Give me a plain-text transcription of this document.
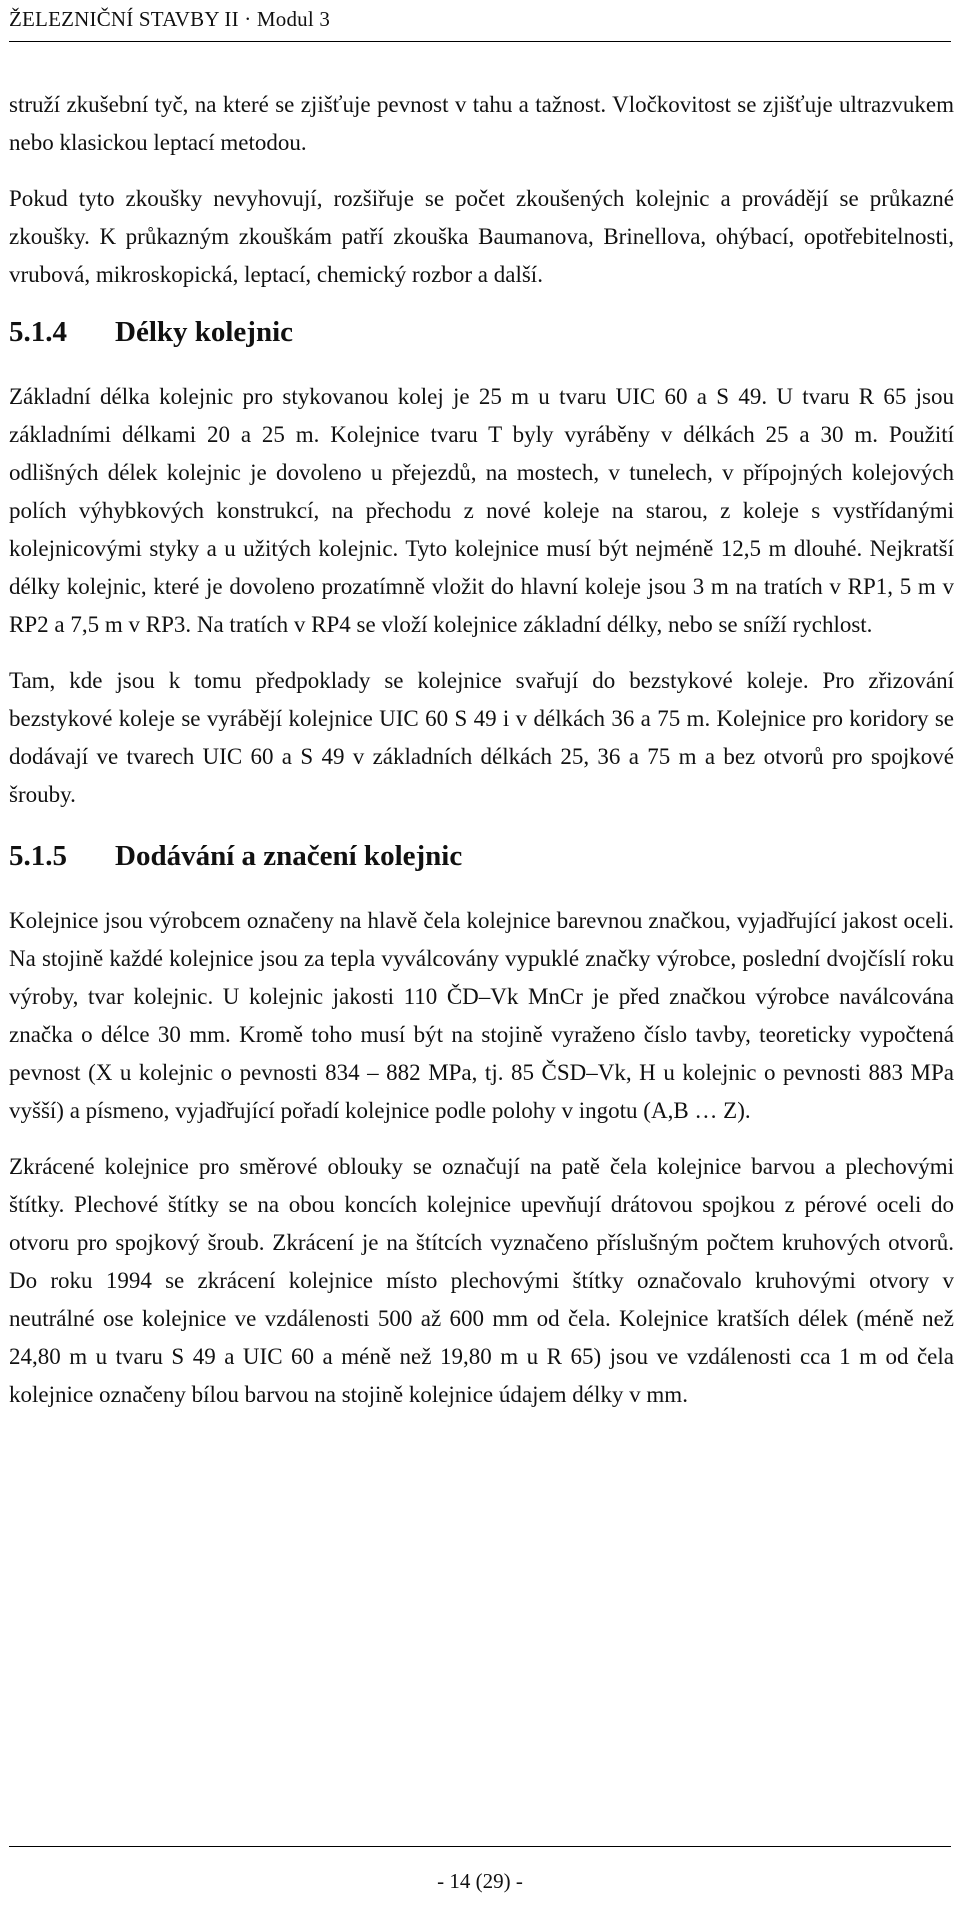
ŽELEZNIČNÍ STAVBY II · Modul 3

struží zkušební tyč, na které se zjišťuje pevnost v tahu a tažnost. Vločkovitost se zjišťuje ultrazvukem nebo klasickou leptací metodou.

Pokud tyto zkoušky nevyhovují, rozšiřuje se počet zkoušených kolejnic a provádějí se průkazné zkoušky. K průkazným zkouškám patří zkouška Baumanova, Brinellova, ohýbací, opotřebitelnosti, vrubová, mikroskopická, leptací, chemický rozbor a další.

5.1.4 Délky kolejnic

Základní délka kolejnic pro stykovanou kolej je 25 m u tvaru UIC 60 a S 49. U tvaru R 65 jsou základními délkami 20 a 25 m. Kolejnice tvaru T byly vyráběny v délkách 25 a 30 m. Použití odlišných délek kolejnic je dovoleno u přejezdů, na mostech, v tunelech, v přípojných kolejových polích výhybkových konstrukcí, na přechodu z nové koleje na starou, z koleje s vystřídanými kolejnicovými styky a u užitých kolejnic. Tyto kolejnice musí být nejméně 12,5 m dlouhé. Nejkratší délky kolejnic, které je dovoleno prozatímně vložit do hlavní koleje jsou 3 m na tratích v RP1, 5 m v RP2 a 7,5 m v RP3. Na tratích v RP4 se vloží kolejnice základní délky, nebo se sníží rychlost.

Tam, kde jsou k tomu předpoklady se kolejnice svařují do bezstykové koleje. Pro zřizování bezstykové koleje se vyrábějí kolejnice UIC 60 S 49 i v délkách 36 a 75 m. Kolejnice pro koridory se dodávají ve tvarech UIC 60 a S 49 v základních délkách 25, 36 a 75 m a bez otvorů pro spojkové šrouby.

5.1.5 Dodávání a značení kolejnic

Kolejnice jsou výrobcem označeny na hlavě čela kolejnice barevnou značkou, vyjadřující jakost oceli. Na stojině každé kolejnice jsou za tepla vyválcovány vypuklé značky výrobce, poslední dvojčíslí roku výroby, tvar kolejnic. U kolejnic jakosti 110 ČD–Vk MnCr je před značkou výrobce naválcována značka o délce 30 mm. Kromě toho musí být na stojině vyraženo číslo tavby, teoreticky vypočtená pevnost (X u kolejnic o pevnosti 834 – 882 MPa, tj. 85 ČSD–Vk, H u kolejnic o pevnosti 883 MPa vyšší) a písmeno, vyjadřující pořadí kolejnice podle polohy v ingotu (A,B … Z).

Zkrácené kolejnice pro směrové oblouky se označují na patě čela kolejnice barvou a plechovými štítky. Plechové štítky se na obou koncích kolejnice upevňují drátovou spojkou z pérové oceli do otvoru pro spojkový šroub. Zkrácení je na štítcích vyznačeno příslušným počtem kruhových otvorů. Do roku 1994 se zkrácení kolejnice místo plechovými štítky označovalo kruhovými otvory v neutrálné ose kolejnice ve vzdálenosti 500 až 600 mm od čela. Kolejnice kratších délek (méně než 24,80 m u tvaru S 49 a UIC 60 a méně než 19,80 m u R 65) jsou ve vzdálenosti cca 1 m od čela kolejnice označeny bílou barvou na stojině kolejnice údajem délky v mm.

- 14 (29) -
